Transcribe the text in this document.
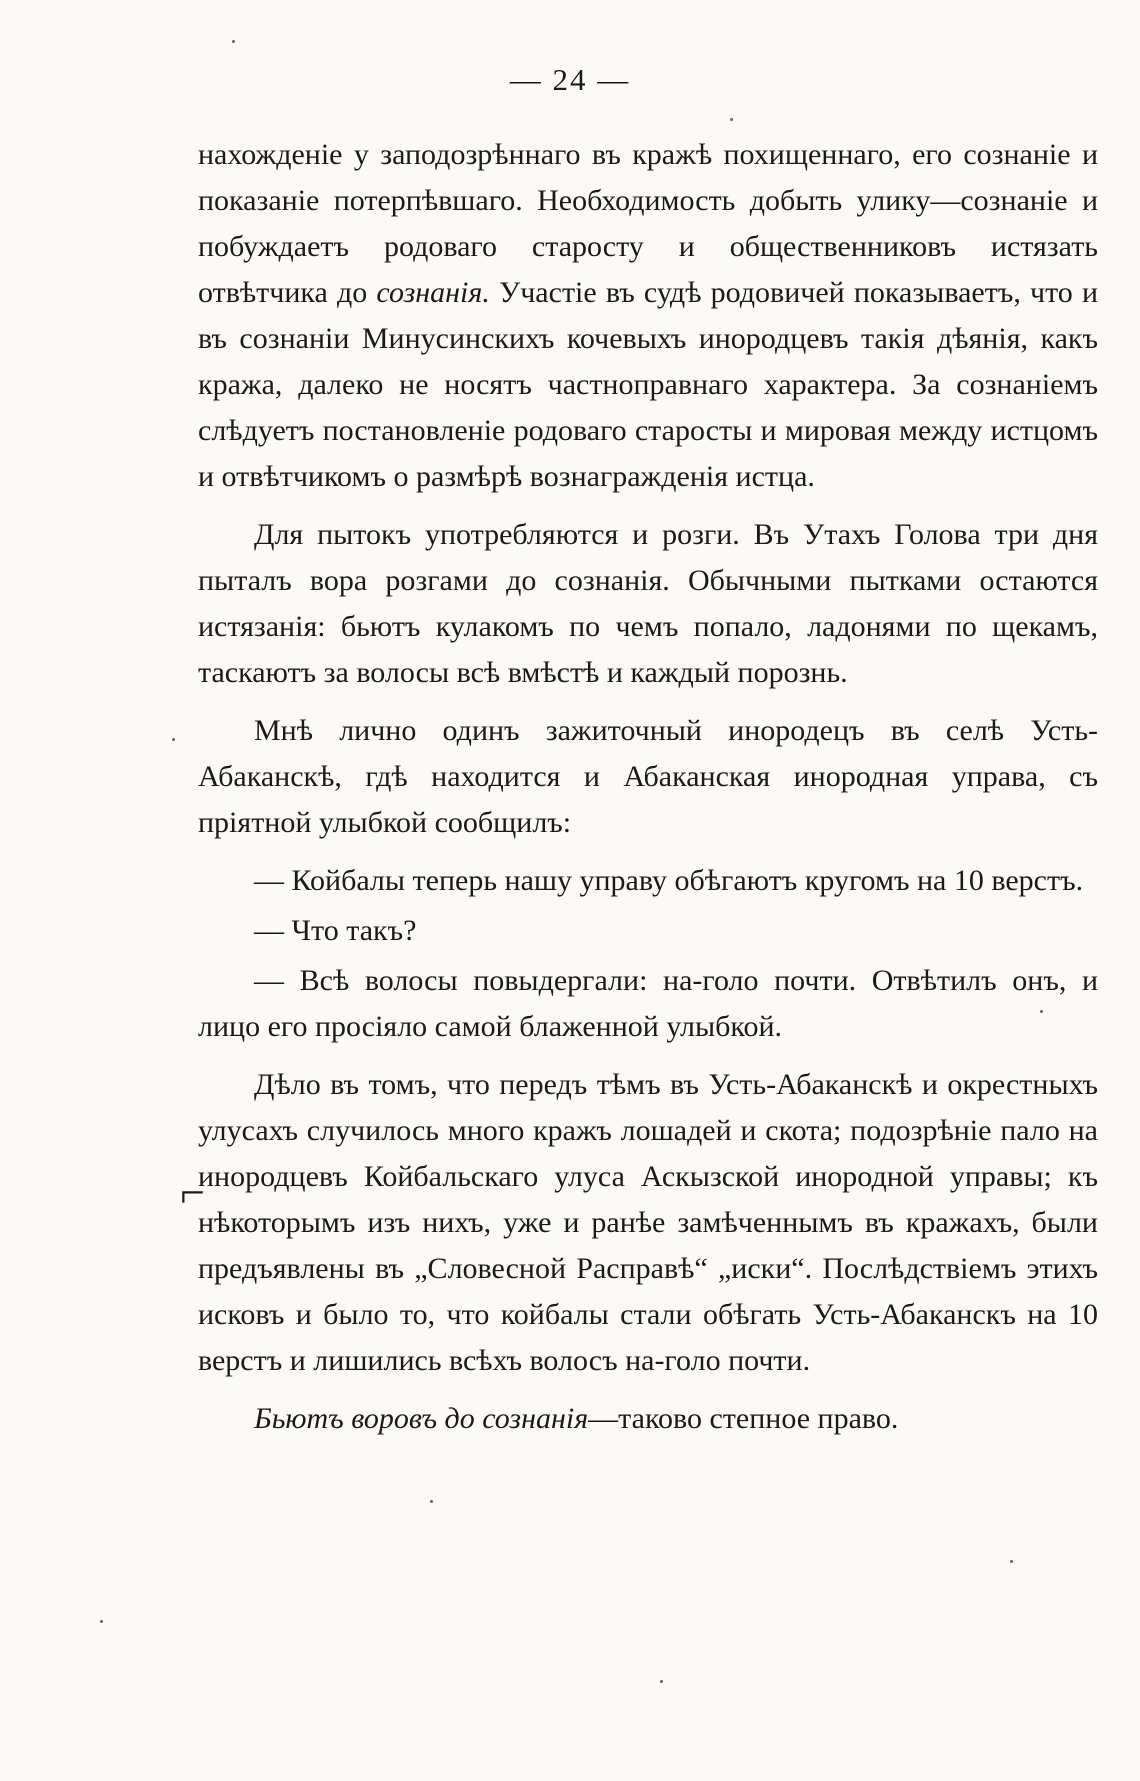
— 24 —
⌐

нахожденіе у заподозрѣннаго въ кражѣ похищеннаго, его сознаніе и показаніе потерпѣвшаго. Необходимость добыть улику—сознаніе и побуждаетъ родоваго старосту и общественниковъ истязать отвѣтчика до сознанія. Участіе въ судѣ родовичей показываетъ, что и въ сознаніи Минусинскихъ кочевыхъ инородцевъ такія дѣянія, какъ кража, далеко не носятъ частноправнаго характера. За сознаніемъ слѣдуетъ постановленіе родоваго старосты и мировая между истцомъ и отвѣтчикомъ о размѣрѣ вознагражденія истца.

Для пытокъ употребляются и розги. Въ Утахъ Голова три дня пыталъ вора розгами до сознанія. Обычными пытками остаются истязанія: бьютъ кулакомъ по чемъ попало, ладонями по щекамъ, таскаютъ за волосы всѣ вмѣстѣ и каждый порознь.

Мнѣ лично одинъ зажиточный инородецъ въ селѣ Усть-Абаканскѣ, гдѣ находится и Абаканская инородная управа, съ пріятной улыбкой сообщилъ:

— Койбалы теперь нашу управу обѣгаютъ кругомъ на 10 верстъ.

— Что такъ?

— Всѣ волосы повыдергали: на-голо почти. Отвѣтилъ онъ, и лицо его просіяло самой блаженной улыбкой.

Дѣло въ томъ, что передъ тѣмъ въ Усть-Абаканскѣ и окрестныхъ улусахъ случилось много кражъ лошадей и скота; подозрѣніе пало на инородцевъ Койбальскаго улуса Аскызской инородной управы; къ нѣкоторымъ изъ нихъ, уже и ранѣе замѣченнымъ въ кражахъ, были предъявлены въ „Словесной Расправѣ“ „иски“. Послѣдствіемъ этихъ исковъ и было то, что койбалы стали обѣгать Усть-Абаканскъ на 10 верстъ и лишились всѣхъ волосъ на-голо почти.

Бьютъ воровъ до сознанія—таково степное право.
